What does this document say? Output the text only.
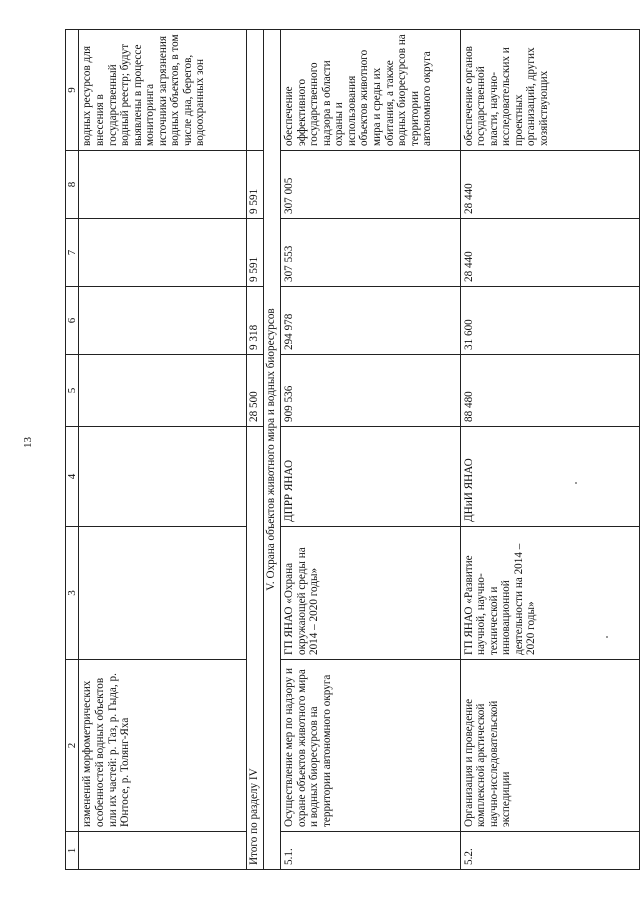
13
1	2	3	4	5	6	7	8	9
	изменений морфометрических особенностей водных объектов или их частей: р. Таз, р. Гыда, р. Юнтосе, р. Толянг-Яха							водных ресурсов для внесения в государственный водный реестр; будут выявлены в процессе мониторинга источники загрязнения водных объектов, в том числе дна, берегов, водоохранных зон
Итого по разделу IV				28 500	9 318	9 591	9 591	
V. Охрана объектов животного мира и водных биоресурсов								
5.1.	Осуществление мер по надзору и охране объектов животного мира и водных биоресурсов на территории автономного округа	ГП ЯНАО «Охрана окружающей среды на 2014 – 2020 годы»	ДПРР ЯНАО	909 536	294 978	307 553	307 005	обеспечение эффективного государственного надзора в области охраны и использования объектов животного мира и среды их обитания, а также водных биоресурсов на территории автономного округа
5.2.	Организация и проведение комплексной арктической научно-исследовательской экспедиции	ГП ЯНАО «Развитие научной, научно-технической и инновационной деятельности на 2014 – 2020 годы»	ДНиИ ЯНАО	88 480	31 600	28 440	28 440	обеспечение органов государственной власти, научно-исследовательских и проектных организаций, других хозяйствующих
